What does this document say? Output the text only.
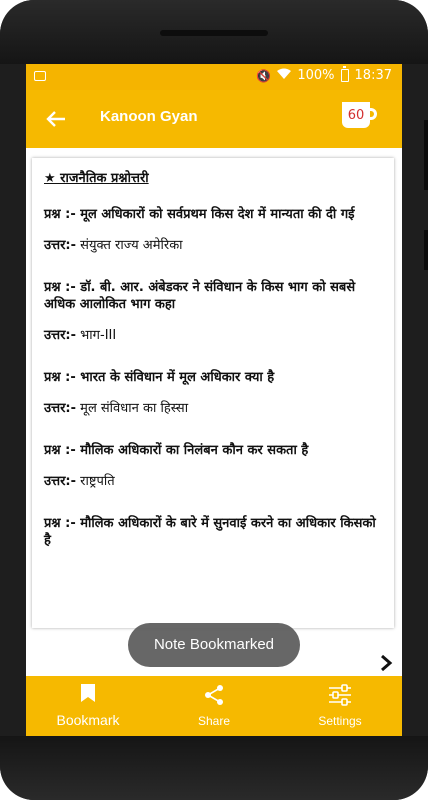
🔇 100% 18:37
Kanoon Gyan	60
★ राजनैतिक प्रश्नोत्तरी
प्रश्न :- मूल अधिकारों को सर्वप्रथम किस देश में मान्यता की दी गई
उत्तर:- संयुक्त राज्य अमेरिका
प्रश्न :- डॉ. बी. आर. अंबेडकर ने संविधान के किस भाग को सबसे अधिक आलोकित भाग कहा
उत्तर:- भाग-III
प्रश्न :- भारत के संविधान में मूल अधिकार क्या है
उत्तर:- मूल संविधान का हिस्सा
प्रश्न :- मौलिक अधिकारों का निलंबन कौन कर सकता है
उत्तर:- राष्ट्रपति
प्रश्न :- मौलिक अधिकारों के बारे में सुनवाई करने का अधिकार किसको है
Note Bookmarked
Bookmark	Share	Settings
